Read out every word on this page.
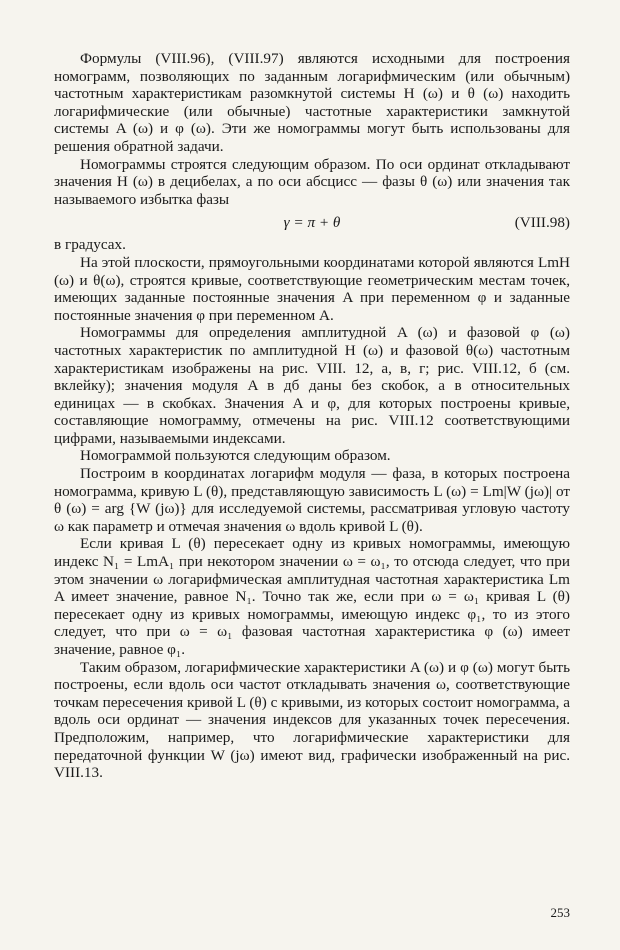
Формулы (VIII.96), (VIII.97) являются исходными для построения номограмм, позволяющих по заданным логарифмическим (или обычным) частотным характеристикам разомкнутой системы H (ω) и θ (ω) находить логарифмические (или обычные) частотные характеристики замкнутой системы A (ω) и φ (ω). Эти же номограммы могут быть использованы для решения обратной задачи.

Номограммы строятся следующим образом. По оси ординат откладывают значения H (ω) в децибелах, а по оси абсцисс — фазы θ (ω) или значения так называемого избытка фазы

γ = π + θ	(VIII.98)

в градусах.

На этой плоскости, прямоугольными координатами которой являются LmH (ω) и θ(ω), строятся кривые, соответствующие геометрическим местам точек, имеющих заданные постоянные значения A при переменном φ и заданные постоянные значения φ при переменном A.

Номограммы для определения амплитудной A (ω) и фазовой φ (ω) частотных характеристик по амплитудной H (ω) и фазовой θ(ω) частотным характеристикам изображены на рис. VIII. 12, а, в, г; рис. VIII.12, б (см. вклейку); значения модуля A в дб даны без скобок, а в относительных единицах — в скобках. Значения A и φ, для которых построены кривые, составляющие номограмму, отмечены на рис. VIII.12 соответствующими цифрами, называемыми индексами.

Номограммой пользуются следующим образом.

Построим в координатах логарифм модуля — фаза, в которых построена номограмма, кривую L (θ), представляющую зависимость L (ω) = Lm|W (jω)| от θ (ω) = arg {W (jω)} для исследуемой системы, рассматривая угловую частоту ω как параметр и отмечая значения ω вдоль кривой L (θ).

Если кривая L (θ) пересекает одну из кривых номограммы, имеющую индекс N₁ = LmA₁ при некотором значении ω = ω₁, то отсюда следует, что при этом значении ω логарифмическая амплитудная частотная характеристика Lm A имеет значение, равное N₁. Точно так же, если при ω = ω₁ кривая L (θ) пересекает одну из кривых номограммы, имеющую индекс φ₁, то из этого следует, что при ω = ω₁ фазовая частотная характеристика φ (ω) имеет значение, равное φ₁.

Таким образом, логарифмические характеристики A (ω) и φ (ω) могут быть построены, если вдоль оси частот откладывать значения ω, соответствующие точкам пересечения кривой L (θ) с кривыми, из которых состоит номограмма, а вдоль оси ординат — значения индексов для указанных точек пересечения. Предположим, например, что логарифмические характеристики для передаточной функции W (jω) имеют вид, графически изображенный на рис. VIII.13.

253
